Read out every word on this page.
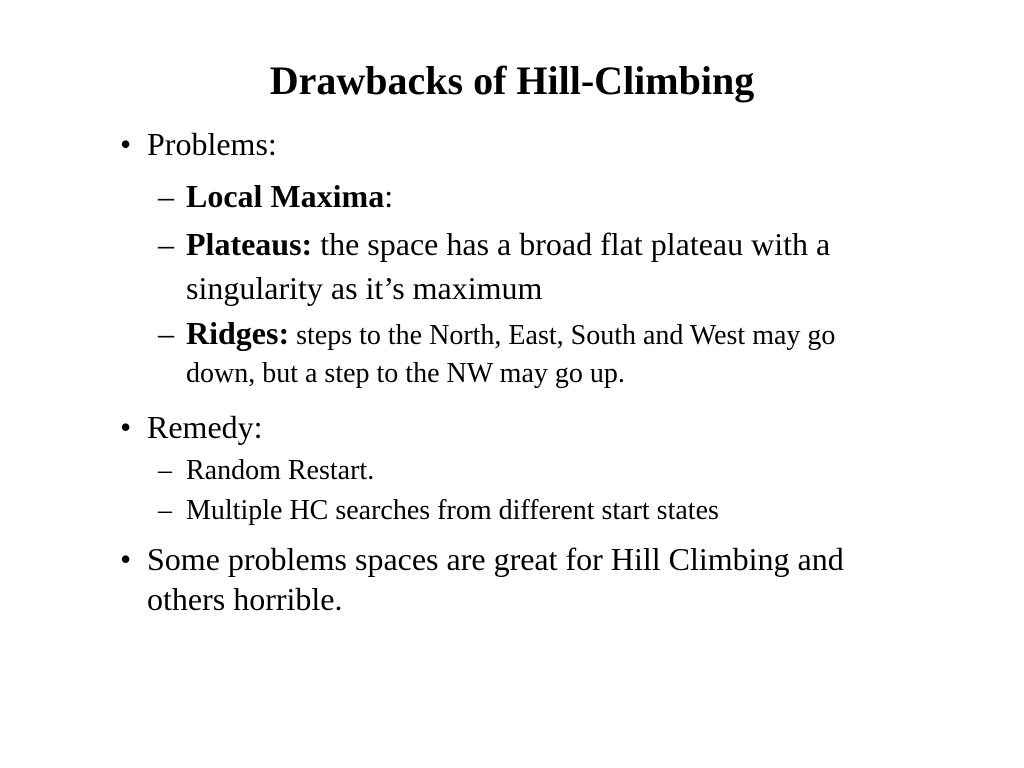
Drawbacks of Hill-Climbing
• Problems:
– Local Maxima:
– Plateaus: the space has a broad flat plateau with a singularity as it’s maximum
– Ridges: steps to the North, East, South and West may go down, but a step to the NW may go up.
• Remedy:
– Random Restart.
– Multiple HC searches from different start states
• Some problems spaces are great for Hill Climbing and others horrible.
